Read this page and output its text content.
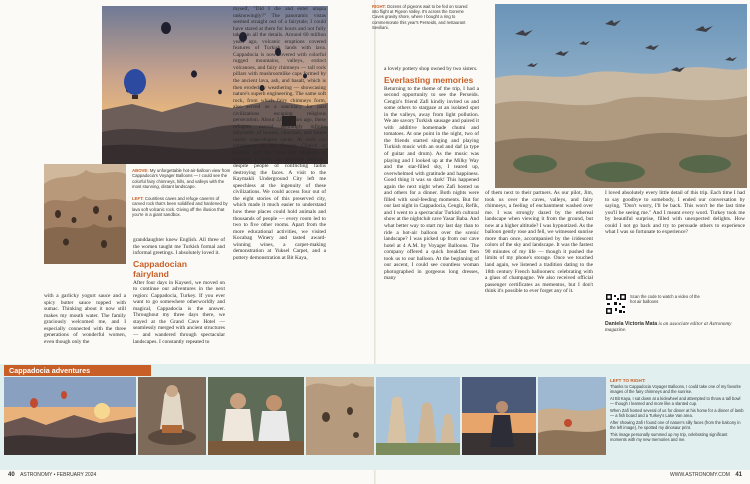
ABOVE: My unforgettable hot-air-balloon view from Cappadocia's Voyager Balloons — I could see the colorful fairy chimneys, hills, and valleys with the most stunning, distant landscape.
LEFT: Countless caves and refuge caverns of carved rock that's been solidified and hardened by lava soft volcanic rock. Giving off the illusion that you're in a giant sandbox.

with a garlicky yogurt sauce and a spicy butter sauce topped with sumac. Thinking about it now still makes my mouth water. The family graciously welcomed me, and I especially connected with the three generations of wonderful women, even though only the

granddaughter knew English. All three of the women taught me Turkish formal and informal greetings. I absolutely loved it.

Cappadocian fairyland

After four days in Kayseri, we moved on to continue our adventures in the next region: Cappadocia, Turkey. If you ever want to go somewhere otherworldly and magical, Cappadocia is the answer. Throughout my three days there, we stayed at the Grand Cave Hotel — seamlessly merged with ancient structures — and wandered through spectacular landscapes. I constantly repeated to

myself, "Did I die and enter utopia unknowingly?" The panoramic vistas seemed straight out of a fairytale; I could have stared at them for hours and not fully taken in all the details. Around 60 million years ago, volcanic eruptions covered features of Turkish lands with lava. Cappadocia is now covered with colorful rugged mountains, valleys, extinct volcanoes, and fairy chimneys — tall rock pillars with mushroomlike caps formed by the ancient lava, ash, and basalt, which is then eroded by weathering — showcasing nature's superb engineering. The same soft rock, from which fairy chimneys form, also served as a sanctuary for past civilizations escaping religious persecution. About 2,000 years ago, these refugees carved seemingly infinite labyrinths of houses, churches, and farms inside cone-shaped caves. At rock cut complexes at the Dragon Church in Soganli and the Open Air Museum in Goreme, I could see beautiful frescoes, despite people of conflicting faiths destroying the faces. A visit to the Kaymakli Underground City left me speechless at the ingenuity of these civilizations. We could access four out of the eight stories of this preserved city, which made it much easier to understand how these places could hold animals and thousands of people — every room led to two to five other rooms. Apart from the more educational activities, we visited Kocabag Winery and tasted award-winning wines, a carpet-making demonstration at Yuksel Carpet, and a pottery demonstration at Bit Kaya,

RIGHT: Dozens of pigeons wait to be fed on scared into flight at Pigeon Valley. It's across the Goreme Caves gravity shore, where I bought a ring to commemorate this year's Perseids, and restaurant Seviliani.

a lovely pottery shop owned by two sisters.

Everlasting memories

Returning to the theme of the trip, I had a second opportunity to see the Perseids. Cengiz's friend Zafi kindly invited us and some others to stargaze at an isolated spot in the valleys, away from light pollution. We ate savory Turkish sausage and paired it with additive homemade chutni and tomatoes. At one point in the night, two of the friends started singing and playing Turkish music with an oud and daf (a type of guitar and drum). As the music was playing and I looked up at the Milky Way and the star-filled sky, I teared up, overwhelmed with gratitude and happiness. Good thing it was so dark! This happened again the next night when Zafi hosted us and others for a dinner. Both nights were filled with soul-feeding moments. But for our last night in Cappadocia, Cengiz, Refik, and I went to a spectacular Turkish cultural show at the nightclub cave Yasar Baba. And what better way to start my last day than to ride a hot-air balloon over the scenic landscape? I was picked up from our cave hotel at 4 A.M. by Voyager Balloons. The company offered a quick breakfast then took us to our balloon. At the beginning of our ascent, I could see countless woman photographed in gorgeous long dresses, many

of them next to their partners. As our pilot, Jim, took us over the caves, valleys, and fairy chimneys, a feeling of enchantment washed over me. I was strongly dazed by the ethereal landscape when viewing it from the ground, but now at a higher altitude? I was hypnotized. As the balloon gently rose and fell, we witnessed sunrise more than once, accompanied by the iridescent colors of the sky and landscape. It was the fastest 90 minutes of my life — though it pushed the limits of my phone's storage. Once we touched land again, we listened a tradition dating to the 18th century French ballooners: celebrating with a glass of champagne. We also received official passenger certificates as mementos, but I don't think it's possible to ever forget any of it.

I loved absolutely every little detail of this trip. Each time I had to say goodbye to somebody, I ended our conversation by saying, "Don't worry, I'll be back. This won't be the last time you'll be seeing me." And I meant every word. Turkey took me by beautiful surprise, filled with unexpected delights. How could I not go back and try to persuade others to experience what I was so fortunate to experience?

Scan the code to watch a video of the hot air balloons
Daniela Victoria Mata is an associate editor at Astronomy magazine.
Cappadocia adventures

LEFT TO RIGHT:

Thanks to Cappadocia Voyager Balloons, I could take one of my favorite images of the fairy chimneys and the sunrise.

At Bit Kaya, I sat down at a kickwheel and attempted to throw a tall bowl — though I learned and more like a slanted cup.

When Zafi hosted several of us for dinner at his home for a dinner of lamb — a fish board and a Turkey's Lake Van area.

After showing Zafi I found one of nature's silly faces (from the balcony in the left image), he spotted my dinosaur print.

This image personally summed up my trip, celebrating significant moments with my new memories and me.

40 ASTRONOMY • FEBRUARY 2024	WWW.ASTRONOMY.COM 41
